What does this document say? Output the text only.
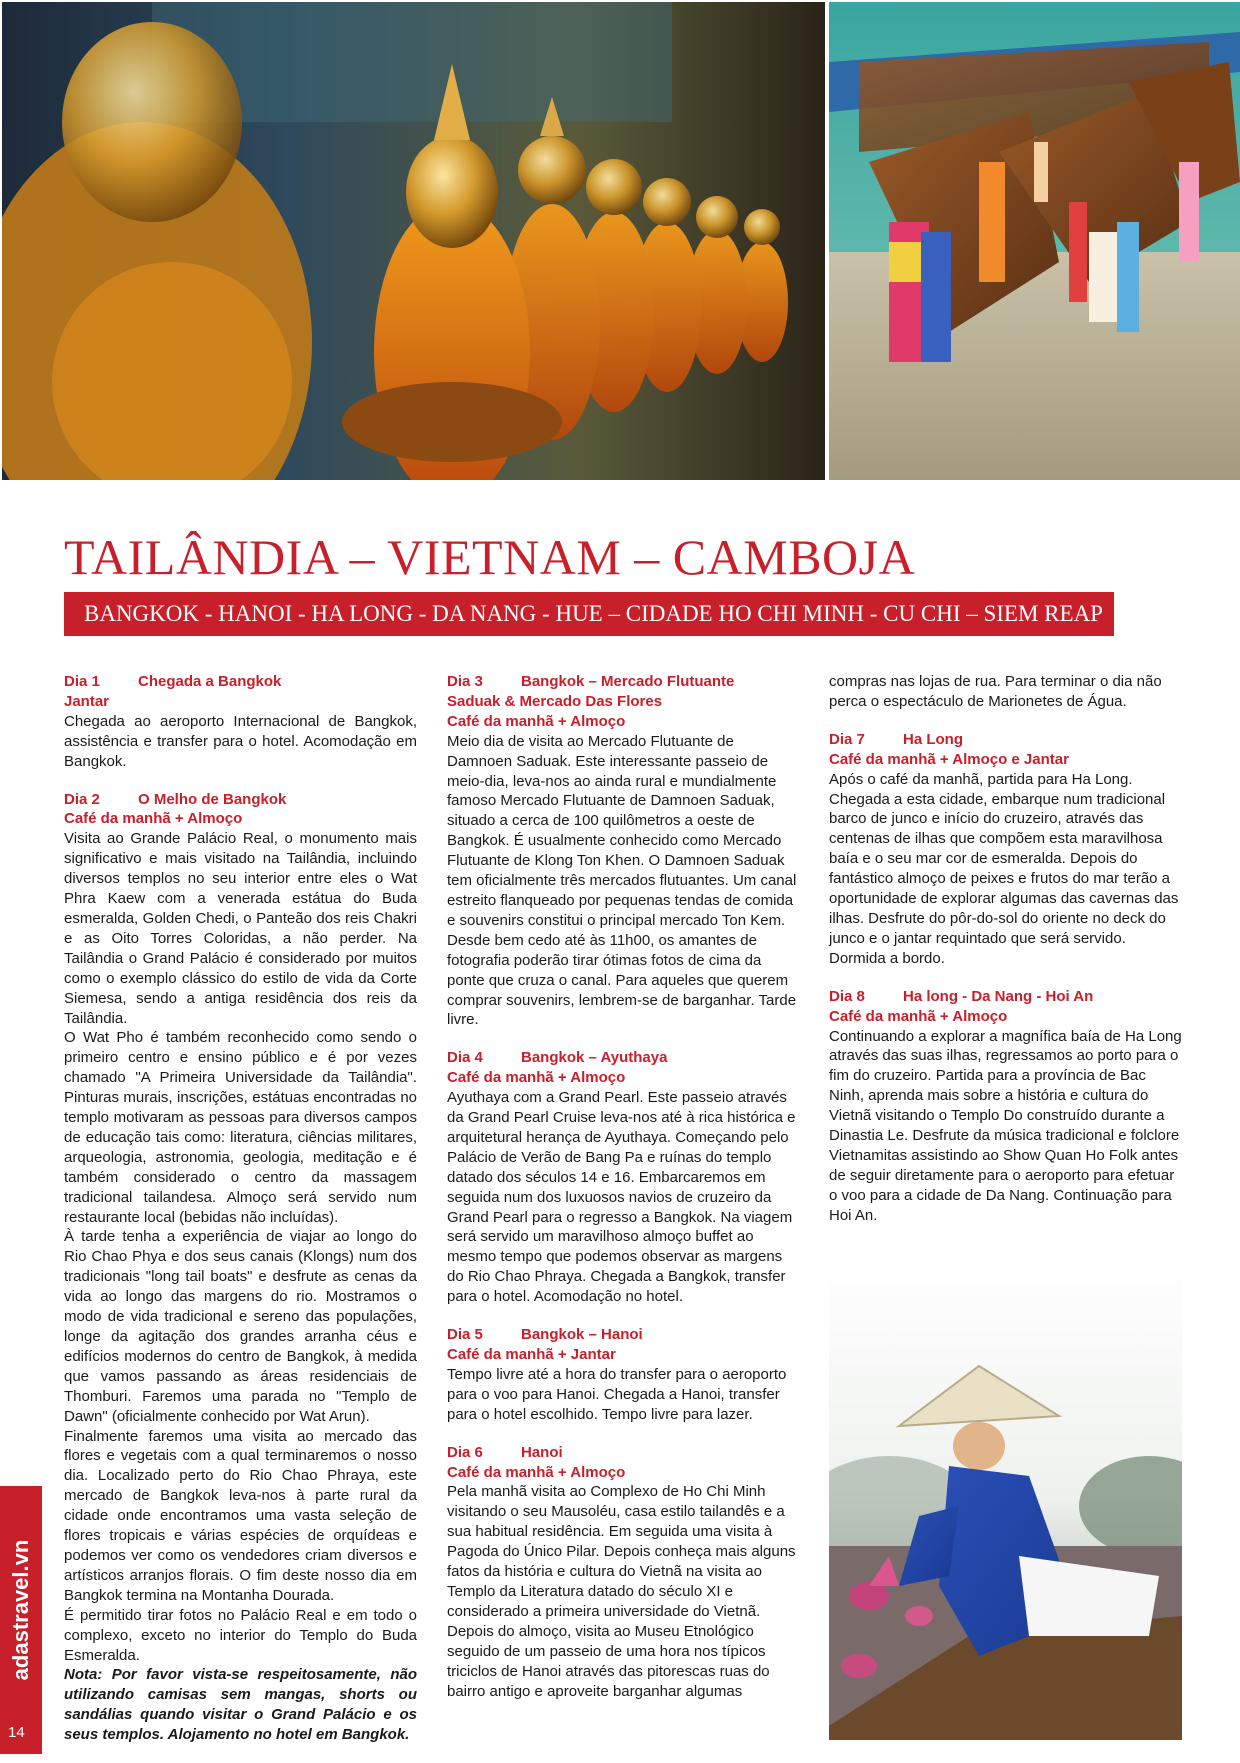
TAILÂNDIA – VIETNAM – CAMBOJA
BANGKOK - HANOI - HA LONG - DA NANG - HUE – CIDADE HO CHI MINH - CU CHI – SIEM REAP
Dia 1	Chegada a Bangkok
Jantar

Chegada ao aeroporto Internacional de Bangkok, assistência e transfer para o hotel. Acomodação em Bangkok.

Dia 2	O Melho de Bangkok
Café da manhã + Almoço

Visita ao Grande Palácio Real, o monumento mais significativo e mais visitado na Tailândia, incluindo diversos templos no seu interior entre eles o Wat Phra Kaew com a venerada estátua do Buda esmeralda, Golden Chedi, o Panteão dos reis Chakri e as Oito Torres Coloridas, a não perder. Na Tailândia o Grand Palácio é considerado por muitos como o exemplo clássico do estilo de vida da Corte Siemesa, sendo a antiga residência dos reis da Tailândia.

O Wat Pho é também reconhecido como sendo o primeiro centro e ensino público e é por vezes chamado "A Primeira Universidade da Tailândia". Pinturas murais, inscrições, estátuas encontradas no templo motivaram as pessoas para diversos campos de educação tais como: literatura, ciências militares, arqueologia, astronomia, geologia, meditação e é também considerado o centro da massagem tradicional tailandesa. Almoço será servido num restaurante local (bebidas não incluídas).

À tarde tenha a experiência de viajar ao longo do Rio Chao Phya e dos seus canais (Klongs) num dos tradicionais "long tail boats" e desfrute as cenas da vida ao longo das margens do rio. Mostramos o modo de vida tradicional e sereno das populações, longe da agitação dos grandes arranha céus e edifícios modernos do centro de Bangkok, à medida que vamos passando as áreas residenciais de Thomburi. Faremos uma parada no "Templo de Dawn" (oficialmente conhecido por Wat Arun).

Finalmente faremos uma visita ao mercado das flores e vegetais com a qual terminaremos o nosso dia. Localizado perto do Rio Chao Phraya, este mercado de Bangkok leva-nos à parte rural da cidade onde encontramos uma vasta seleção de flores tropicais e várias espécies de orquídeas e podemos ver como os vendedores criam diversos e artísticos arranjos florais. O fim deste nosso dia em Bangkok termina na Montanha Dourada.

É permitido tirar fotos no Palácio Real e em todo o complexo, exceto no interior do Templo do Buda Esmeralda.

Nota: Por favor vista-se respeitosamente, não utilizando camisas sem mangas, shorts ou sandálias quando visitar o Grand Palácio e os seus templos. Alojamento no hotel em Bangkok.

Dia 3	Bangkok – Mercado Flutuante
Saduak & Mercado Das Flores
Café da manhã + Almoço

Meio dia de visita ao Mercado Flutuante de Damnoen Saduak. Este interessante passeio de meio-dia, leva-nos ao ainda rural e mundialmente famoso Mercado Flutuante de Damnoen Saduak, situado a cerca de 100 quilômetros a oeste de Bangkok. É usualmente conhecido como Mercado Flutuante de Klong Ton Khen. O Damnoen Saduak tem oficialmente três mercados flutuantes. Um canal estreito flanqueado por pequenas tendas de comida e souvenirs constitui o principal mercado Ton Kem. Desde bem cedo até às 11h00, os amantes de fotografia poderão tirar ótimas fotos de cima da ponte que cruza o canal. Para aqueles que querem comprar souvenirs, lembrem-se de barganhar. Tarde livre.

Dia 4	Bangkok – Ayuthaya
Café da manhã + Almoço

Ayuthaya com a Grand Pearl. Este passeio através da Grand Pearl Cruise leva-nos até à rica histórica e arquitetural herança de Ayuthaya. Começando pelo Palácio de Verão de Bang Pa e ruínas do templo datado dos séculos 14 e 16. Embarcaremos em seguida num dos luxuosos navios de cruzeiro da Grand Pearl para o regresso a Bangkok. Na viagem será servido um maravilhoso almoço buffet ao mesmo tempo que podemos observar as margens do Rio Chao Phraya. Chegada a Bangkok, transfer para o hotel. Acomodação no hotel.

Dia 5	Bangkok – Hanoi
Café da manhã + Jantar

Tempo livre até a hora do transfer para o aeroporto para o voo para Hanoi. Chegada a Hanoi, transfer para o hotel escolhido. Tempo livre para lazer.

Dia 6	Hanoi
Café da manhã + Almoço

Pela manhã visita ao Complexo de Ho Chi Minh visitando o seu Mausoléu, casa estilo tailandês e a sua habitual residência. Em seguida uma visita à Pagoda do Único Pilar. Depois conheça mais alguns fatos da história e cultura do Vietnã na visita ao Templo da Literatura datado do século XI e considerado a primeira universidade do Vietnã. Depois do almoço, visita ao Museu Etnológico seguido de um passeio de uma hora nos típicos triciclos de Hanoi através das pitorescas ruas do bairro antigo e aproveite barganhar algumas

compras nas lojas de rua. Para terminar o dia não perca o espectáculo de Marionetes de Água.

Dia 7	Ha Long
Café da manhã + Almoço e Jantar

Após o café da manhã, partida para Ha Long. Chegada a esta cidade, embarque num tradicional barco de junco e início do cruzeiro, através das centenas de ilhas que compõem esta maravilhosa baía e o seu mar cor de esmeralda. Depois do fantástico almoço de peixes e frutos do mar terão a oportunidade de explorar algumas das cavernas das ilhas. Desfrute do pôr-do-sol do oriente no deck do junco e o jantar requintado que será servido. Dormida a bordo.

Dia 8	Ha long - Da Nang - Hoi An
Café da manhã + Almoço

Continuando a explorar a magnífica baía de Ha Long através das suas ilhas, regressamos ao porto para o fim do cruzeiro. Partida para a província de Bac Ninh, aprenda mais sobre a história e cultura do Vietnã visitando o Templo Do construído durante a Dinastia Le. Desfrute da música tradicional e folclore Vietnamitas assistindo ao Show Quan Ho Folk antes de seguir diretamente para o aeroporto para efetuar o voo para a cidade de Da Nang. Continuação para Hoi An.

adastravel.vn
14
